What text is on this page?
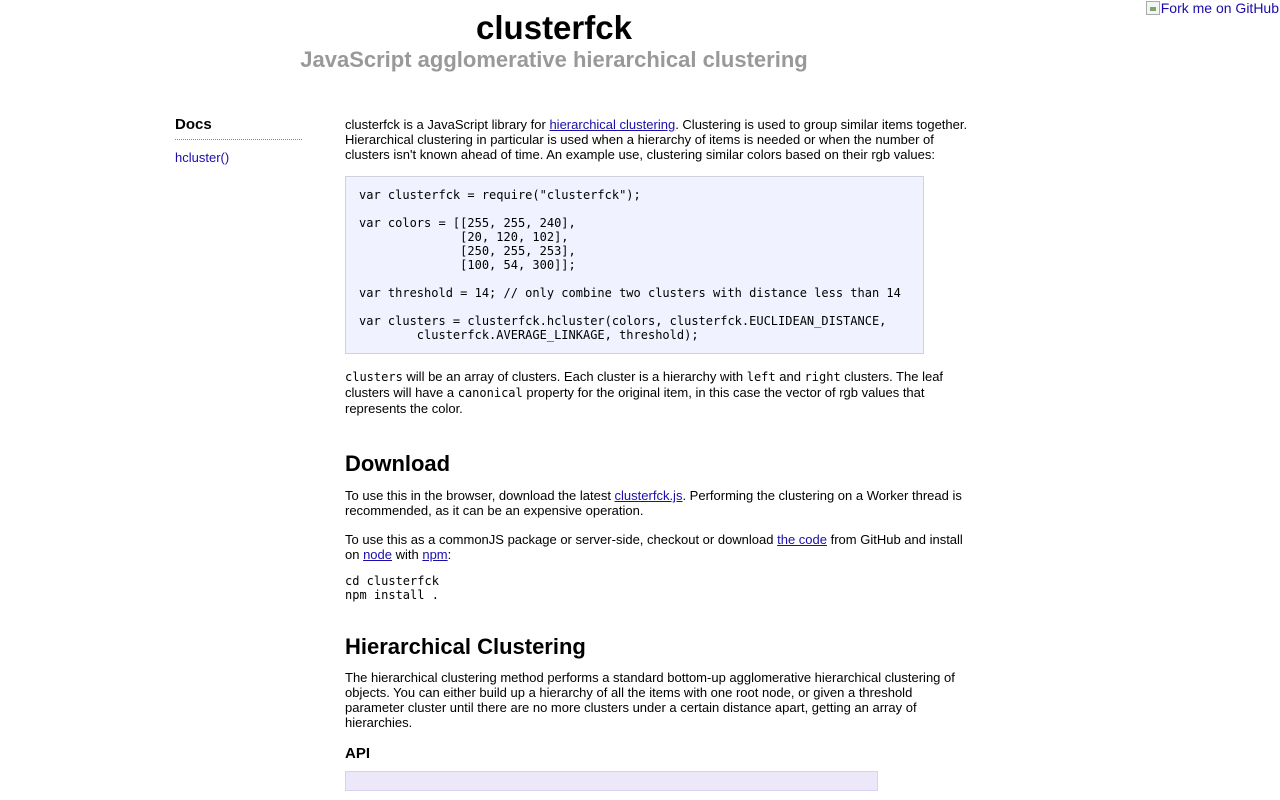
clusterfck
JavaScript agglomerative hierarchical clustering
Fork me on GitHub
Docs
hcluster()

clusterfck is a JavaScript library for hierarchical clustering. Clustering is used to group similar items together. Hierarchical clustering in particular is used when a hierarchy of items is needed or when the number of clusters isn't known ahead of time. An example use, clustering similar colors based on their rgb values:

var clusterfck = require("clusterfck");

var colors = [[255, 255, 240],
[20, 120, 102],
[250, 255, 253],
[100, 54, 300]];

var threshold = 14; // only combine two clusters with distance less than 14

var clusters = clusterfck.hcluster(colors, clusterfck.EUCLIDEAN_DISTANCE,
clusterfck.AVERAGE_LINKAGE, threshold);

clusters will be an array of clusters. Each cluster is a hierarchy with left and right clusters. The leaf clusters will have a canonical property for the original item, in this case the vector of rgb values that represents the color.

Download

To use this in the browser, download the latest clusterfck.js. Performing the clustering on a Worker thread is recommended, as it can be an expensive operation.

To use this as a commonJS package or server-side, checkout or download the code from GitHub and install on node with npm:

cd clusterfck
npm install .
Hierarchical Clustering

The hierarchical clustering method performs a standard bottom-up agglomerative hierarchical clustering of objects. You can either build up a hierarchy of all the items with one root node, or given a threshold parameter cluster until there are no more clusters under a certain distance apart, getting an array of hierarchies.

API
